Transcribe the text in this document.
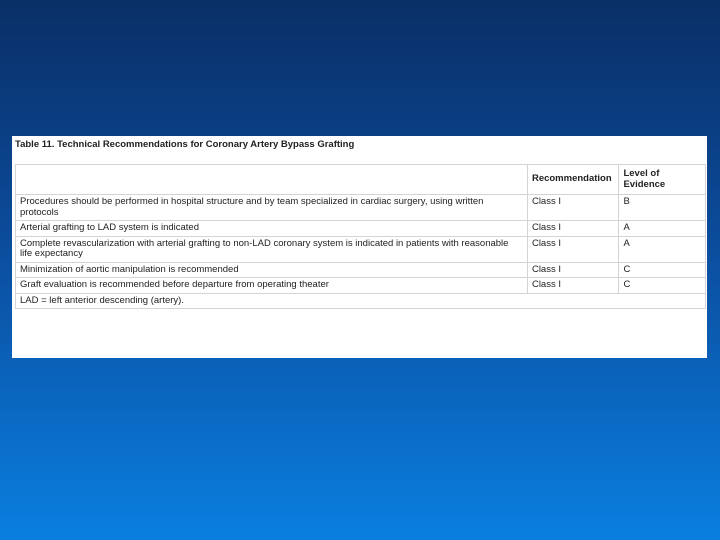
Table 11. Technical Recommendations for Coronary Artery Bypass Grafting
	Recommendation	Level of Evidence
Procedures should be performed in hospital structure and by team specialized in cardiac surgery, using written protocols	Class I	B
Arterial grafting to LAD system is indicated	Class I	A
Complete revascularization with arterial grafting to non-LAD coronary system is indicated in patients with reasonable life expectancy	Class I	A
Minimization of aortic manipulation is recommended	Class I	C
Graft evaluation is recommended before departure from operating theater	Class I	C
LAD = left anterior descending (artery).		
